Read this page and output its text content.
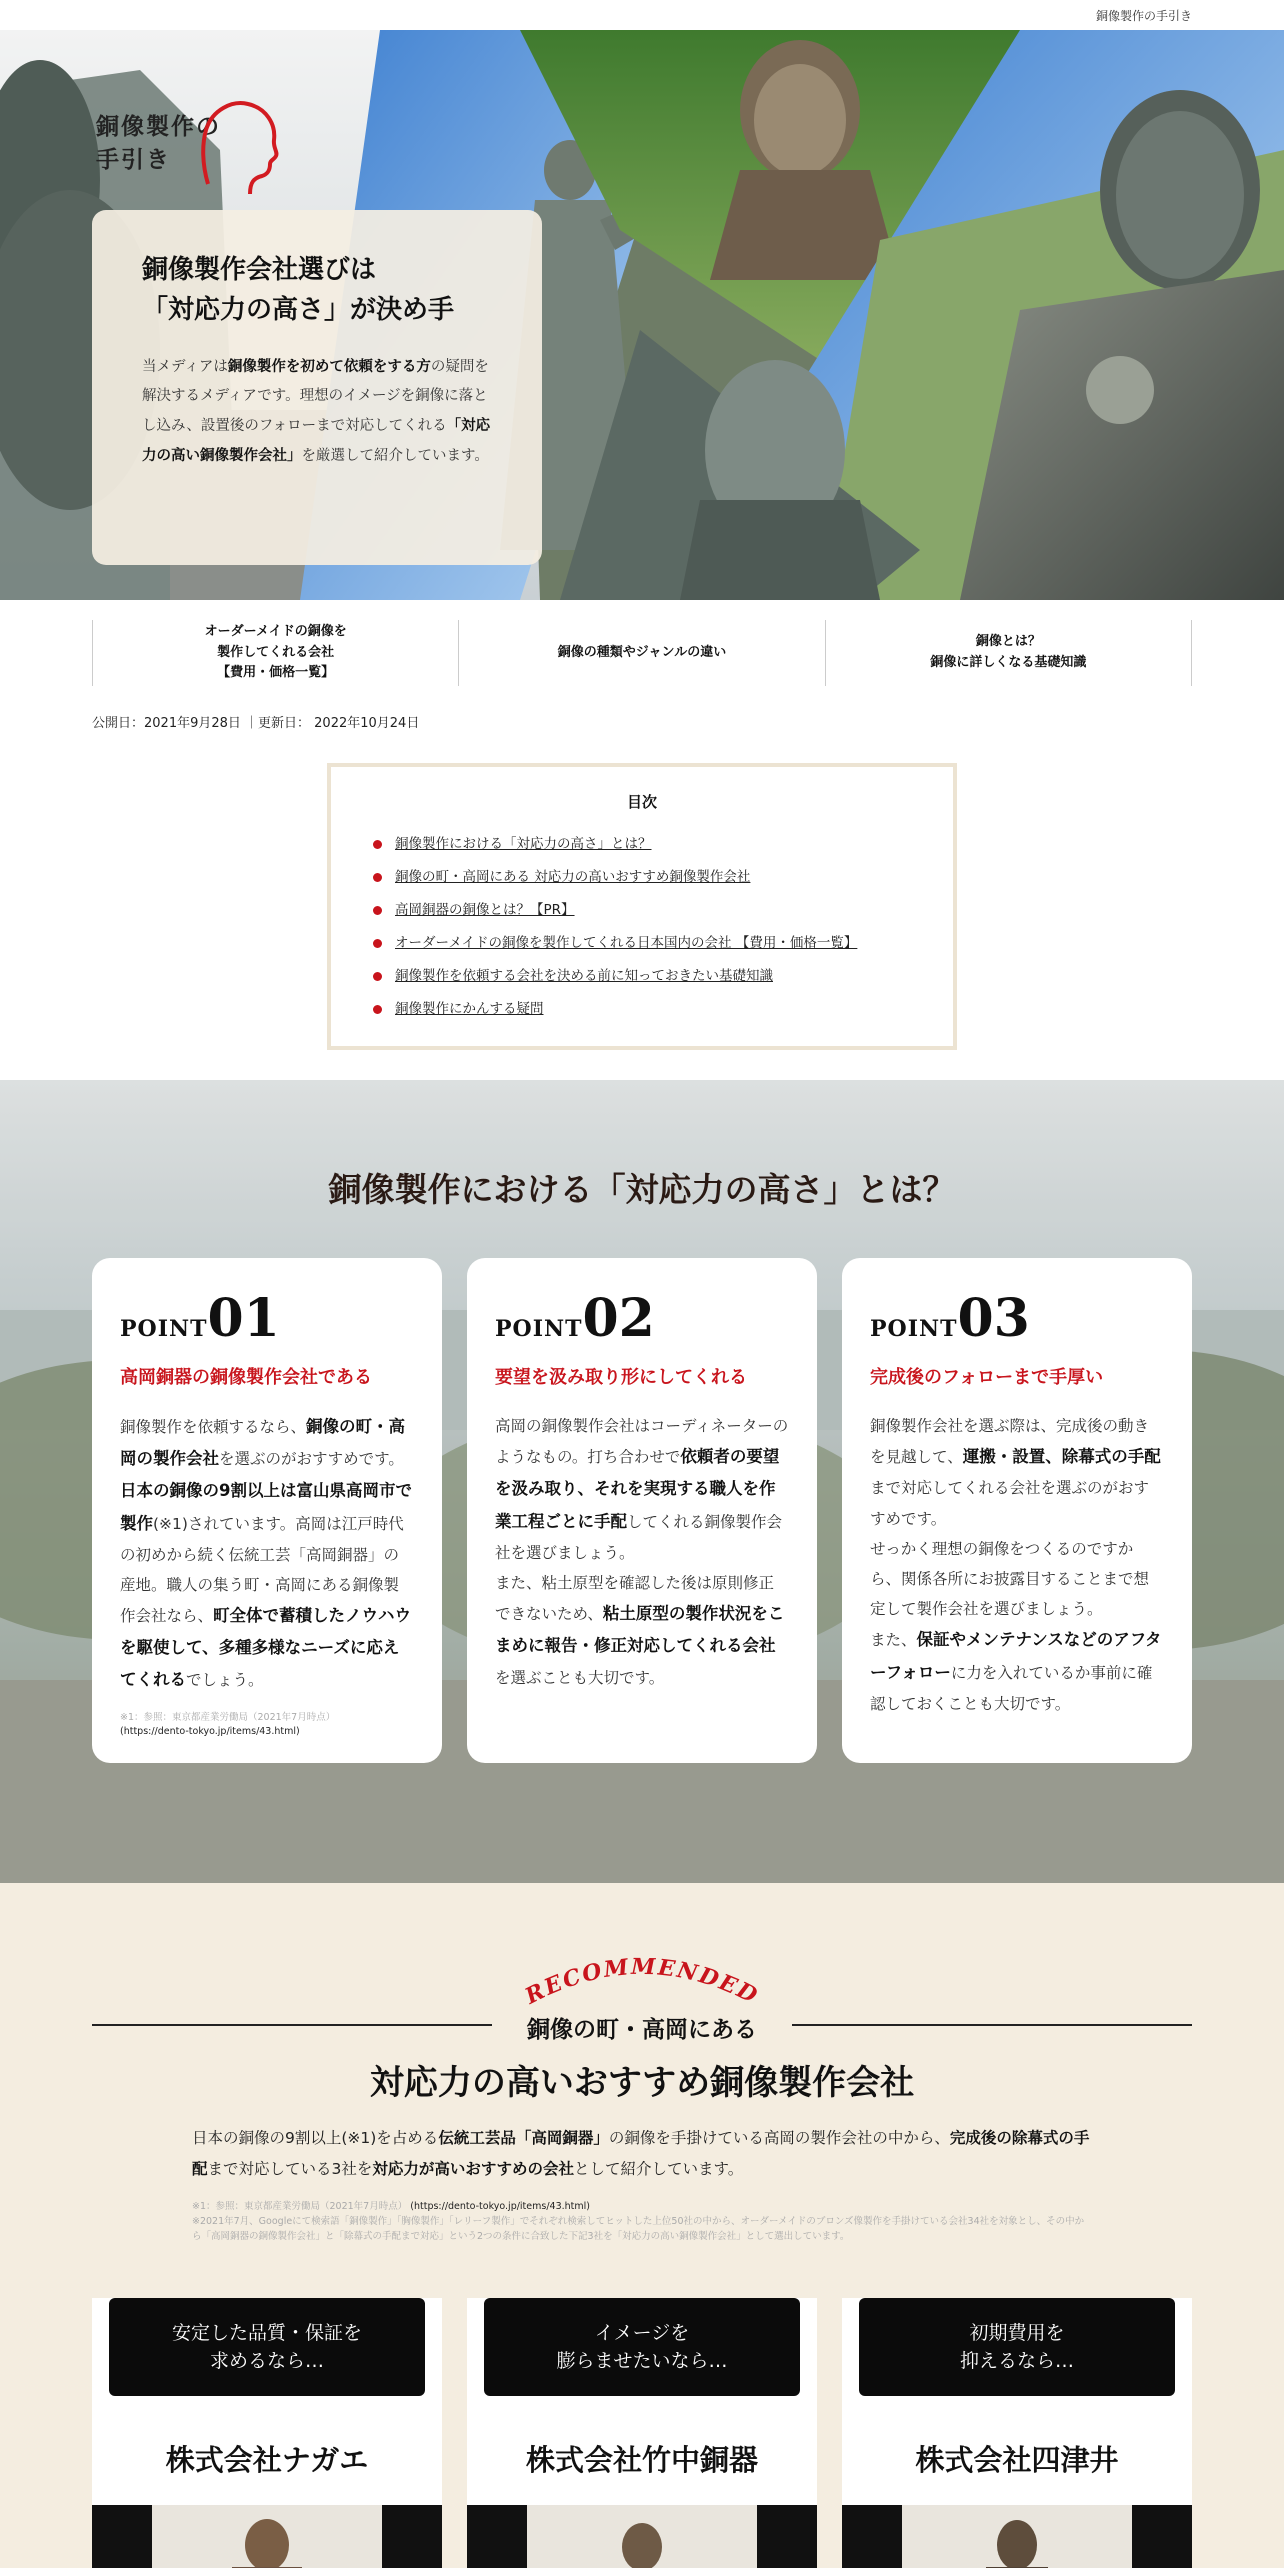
銅像製作の手引き
銅像製作の
手引き
銅像製作会社選びは
「対応力の高さ」が決め手

当メディアは銅像製作を初めて依頼をする方の疑問を解決するメディアです。理想のイメージを銅像に落とし込み、設置後のフォローまで対応してくれる「対応力の高い銅像製作会社」を厳選して紹介しています。

オーダーメイドの銅像を
製作してくれる会社
【費用・価格一覧】
銅像の種類やジャンルの違い
銅像とは？
銅像に詳しくなる基礎知識
公開日：2021年9月28日 ｜更新日： 2022年10月24日
目次
銅像製作における「対応力の高さ」とは？
銅像の町・高岡にある 対応力の高いおすすめ銅像製作会社
高岡銅器の銅像とは？【PR】
オーダーメイドの銅像を製作してくれる日本国内の会社 【費用・価格一覧】
銅像製作を依頼する会社を決める前に知っておきたい基礎知識
銅像製作にかんする疑問
銅像製作における「対応力の高さ」とは？
POINT01
高岡銅器の銅像製作会社である
銅像製作を依頼するなら、銅像の町・高岡の製作会社を選ぶのがおすすめです。日本の銅像の9割以上は富山県高岡市で製作(※1)されています。高岡は江戸時代の初めから続く伝統工芸「高岡銅器」の産地。職人の集う町・高岡にある銅像製作会社なら、町全体で蓄積したノウハウを駆使して、多種多様なニーズに応えてくれるでしょう。
※1：参照：東京都産業労働局（2021年7月時点）
(https://dento-tokyo.jp/items/43.html)
POINT02
要望を汲み取り形にしてくれる
高岡の銅像製作会社はコーディネーターのようなもの。打ち合わせで依頼者の要望を汲み取り、それを実現する職人を作業工程ごとに手配してくれる銅像製作会社を選びましょう。
また、粘土原型を確認した後は原則修正できないため、粘土原型の製作状況をこまめに報告・修正対応してくれる会社を選ぶことも大切です。
POINT03
完成後のフォローまで手厚い
銅像製作会社を選ぶ際は、完成後の動きを見越して、運搬・設置、除幕式の手配まで対応してくれる会社を選ぶのがおすすめです。
せっかく理想の銅像をつくるのですから、関係各所にお披露目することまで想定して製作会社を選びましょう。
また、保証やメンテナンスなどのアフターフォローに力を入れているか事前に確認しておくことも大切です。
RECOMMENDED
銅像の町・高岡にある
対応力の高いおすすめ銅像製作会社

日本の銅像の9割以上(※1)を占める伝統工芸品「高岡銅器」の銅像を手掛けている高岡の製作会社の中から、完成後の除幕式の手配まで対応している3社を対応力が高いおすすめの会社として紹介しています。

※1：参照：東京都産業労働局（2021年7月時点） (https://dento-tokyo.jp/items/43.html)
※2021年7月、Googleにて検索語「銅像製作」「胸像製作」「レリーフ製作」でそれぞれ検索してヒットした上位50社の中から、オーダーメイドのブロンズ像製作を手掛けている会社34社を対象とし、その中から「高岡銅器の銅像製作会社」と「除幕式の手配まで対応」という2つの条件に合致した下記3社を「対応力の高い銅像製作会社」として選出しています。
安定した品質・保証を
求めるなら…
株式会社ナガエ
イメージを
膨らませたいなら…
株式会社竹中銅器
初期費用を
抑えるなら…
株式会社四津井
